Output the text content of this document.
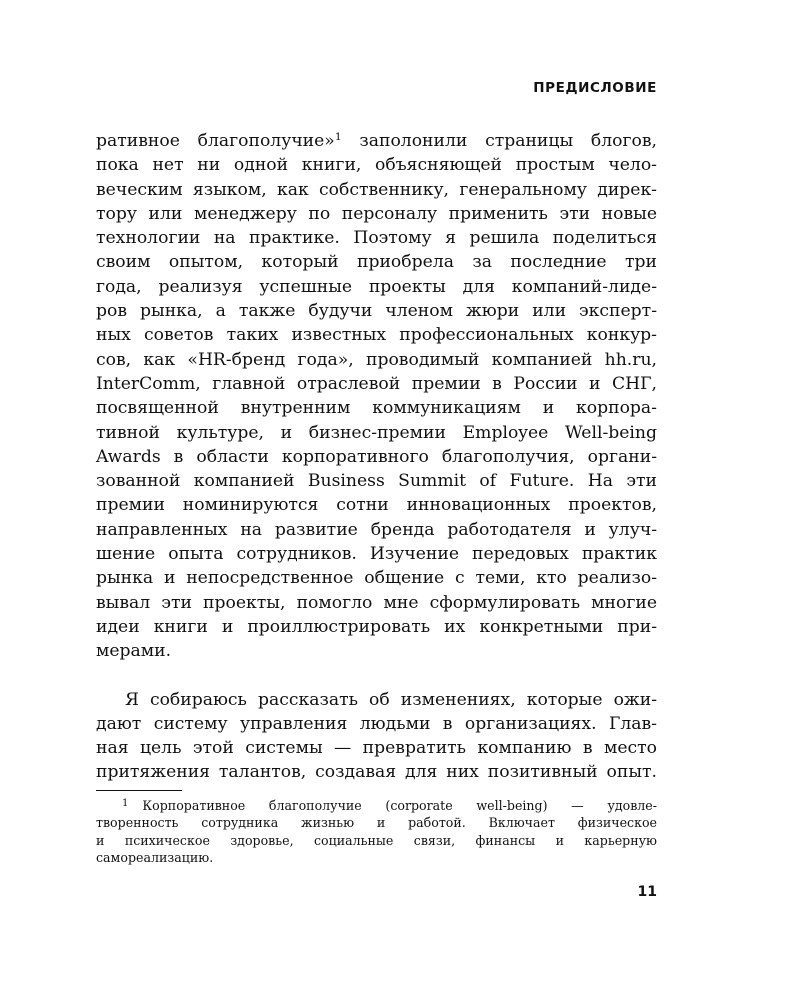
ПРЕДИСЛОВИЕ
ративное благополучие»$^1$ заполонили страницы блогов,
пока нет ни одной книги, объясняющей простым чело-
веческим языком, как собственнику, генеральному дирек-
тору или менеджеру по персоналу применить эти новые
технологии на практике. Поэтому я решила поделиться
своим опытом, который приобрела за последние три
года, реализуя успешные проекты для компаний-лиде-
ров рынка, а также будучи членом жюри или эксперт-
ных советов таких известных профессиональных конкур-
сов, как «HR-бренд года», проводимый компанией hh.ru,
InterComm, главной отраслевой премии в России и СНГ,
посвященной внутренним коммуникациям и корпора-
тивной культуре, и бизнес-премии Employee Well-being
Awards в области корпоративного благополучия, органи-
зованной компанией Business Summit of Future. На эти
премии номинируются сотни инновационных проектов,
направленных на развитие бренда работодателя и улуч-
шение опыта сотрудников. Изучение передовых практик
рынка и непосредственное общение с теми, кто реализо-
вывал эти проекты, помогло мне сформулировать многие
идеи книги и проиллюстрировать их конкретными при-
мерами.
Я собираюсь рассказать об изменениях, которые ожи-
дают систему управления людьми в организациях. Глав-
ная цель этой системы — превратить компанию в место
притяжения талантов, создавая для них позитивный опыт.
$^1$ Корпоративное благополучие (corporate well-being) — удовле-
творенность сотрудника жизнью и работой. Включает физическое
и психическое здоровье, социальные связи, финансы и карьерную
самореализацию.
11
